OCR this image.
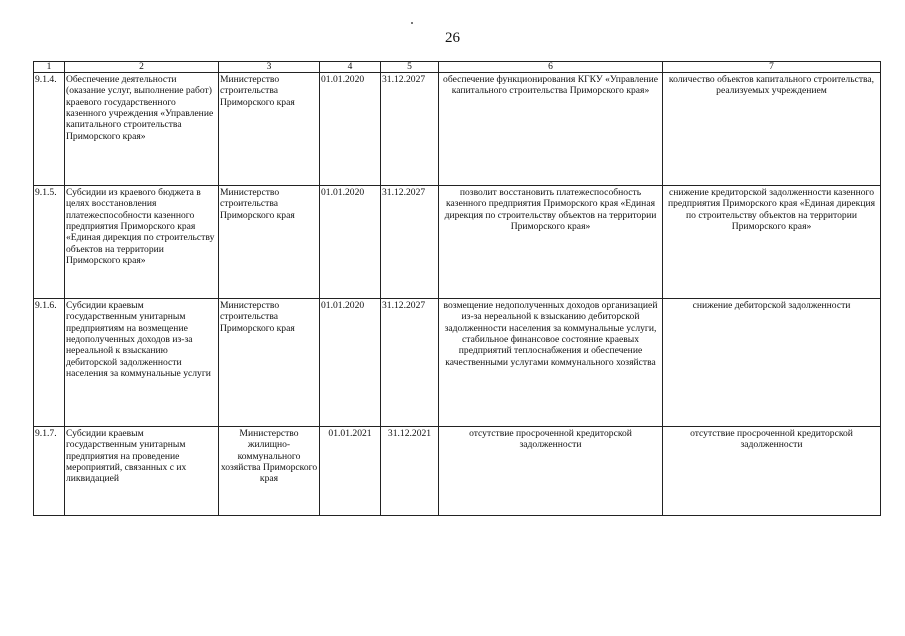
26
1	2	3	4	5	6	7
9.1.4.	Обеспечение деятельности (оказание услуг, выполнение работ) краевого государственного казенного учреждения «Управление капитального строительства Приморского края»	Министерство строительства Приморского края	01.01.2020	31.12.2027	обеспечение функционирования КГКУ «Управление капитального строительства Приморского края»	количество объектов капитального строительства, реализуемых учреждением
9.1.5.	Субсидии из краевого бюджета в целях восстановления платежеспособности казенного предприятия Приморского края «Единая дирекция по строительству объектов на территории Приморского края»	Министерство строительства Приморского края	01.01.2020	31.12.2027	позволит восстановить платежеспособность казенного предприятия Приморского края «Единая дирекция по строительству объектов на территории Приморского края»	снижение кредиторской задолженности казенного предприятия Приморского края «Единая дирекция по строительству объектов на территории Приморского края»
9.1.6.	Субсидии краевым государственным унитарным предприятиям на возмещение недополученных доходов из-за нереальной к взысканию дебиторской задолженности населения за коммунальные услуги	Министерство строительства Приморского края	01.01.2020	31.12.2027	возмещение недополученных доходов организацией из-за нереальной к взысканию дебиторской задолженности населения за коммунальные услуги, стабильное финансовое состояние краевых предприятий теплоснабжения и обеспечение качественными услугами коммунального хозяйства	снижение дебиторской задолженности
9.1.7.	Субсидии краевым государственным унитарным предприятия на проведение мероприятий, связанных с их ликвидацией	Министерство жилищно-коммунального хозяйства Приморского края	01.01.2021	31.12.2021	отсутствие просроченной кредиторской задолженности	отсутствие просроченной кредиторской задолженности
